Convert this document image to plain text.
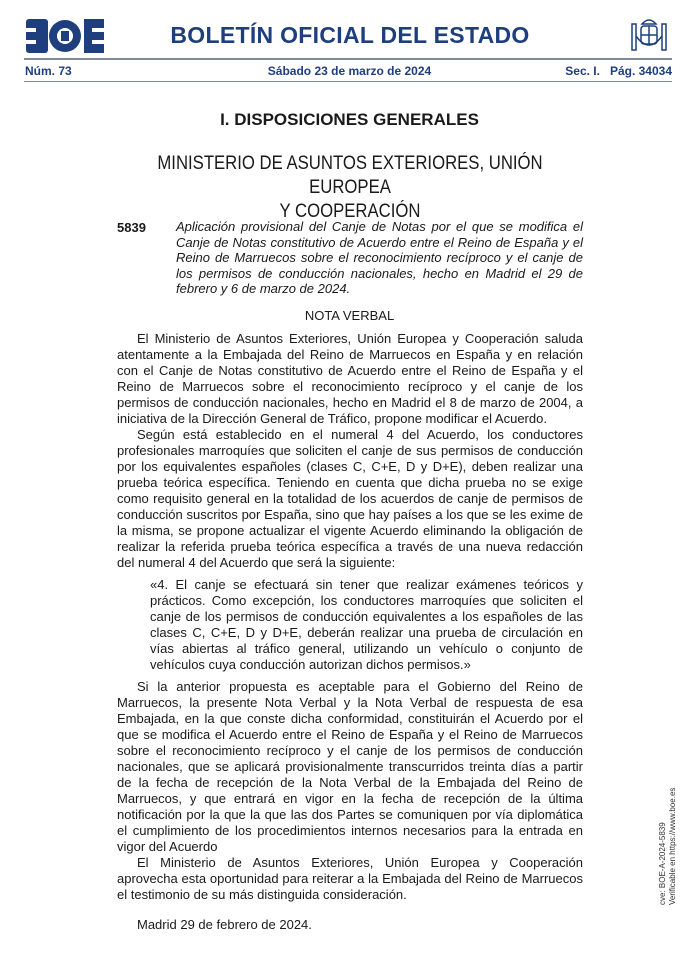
BOLETÍN OFICIAL DEL ESTADO
Núm. 73	Sábado 23 de marzo de 2024	Sec. I.   Pág. 34034
I. DISPOSICIONES GENERALES
MINISTERIO DE ASUNTOS EXTERIORES, UNIÓN EUROPEA
Y COOPERACIÓN
5839 Aplicación provisional del Canje de Notas por el que se modifica el Canje de Notas constitutivo de Acuerdo entre el Reino de España y el Reino de Marruecos sobre el reconocimiento recíproco y el canje de los permisos de conducción nacionales, hecho en Madrid el 29 de febrero y 6 de marzo de 2024.
NOTA VERBAL

El Ministerio de Asuntos Exteriores, Unión Europea y Cooperación saluda atentamente a la Embajada del Reino de Marruecos en España y en relación con el Canje de Notas constitutivo de Acuerdo entre el Reino de España y el Reino de Marruecos sobre el reconocimiento recíproco y el canje de los permisos de conducción nacionales, hecho en Madrid el 8 de marzo de 2004, a iniciativa de la Dirección General de Tráfico, propone modificar el Acuerdo.

Según está establecido en el numeral 4 del Acuerdo, los conductores profesionales marroquíes que soliciten el canje de sus permisos de conducción por los equivalentes españoles (clases C, C+E, D y D+E), deben realizar una prueba teórica específica. Teniendo en cuenta que dicha prueba no se exige como requisito general en la totalidad de los acuerdos de canje de permisos de conducción suscritos por España, sino que hay países a los que se les exime de la misma, se propone actualizar el vigente Acuerdo eliminando la obligación de realizar la referida prueba teórica específica a través de una nueva redacción del numeral 4 del Acuerdo que será la siguiente:

«4. El canje se efectuará sin tener que realizar exámenes teóricos y prácticos. Como excepción, los conductores marroquíes que soliciten el canje de los permisos de conducción equivalentes a los españoles de las clases C, C+E, D y D+E, deberán realizar una prueba de circulación en vías abiertas al tráfico general, utilizando un vehículo o conjunto de vehículos cuya conducción autorizan dichos permisos.»

Si la anterior propuesta es aceptable para el Gobierno del Reino de Marruecos, la presente Nota Verbal y la Nota Verbal de respuesta de esa Embajada, en la que conste dicha conformidad, constituirán el Acuerdo por el que se modifica el Acuerdo entre el Reino de España y el Reino de Marruecos sobre el reconocimiento recíproco y el canje de los permisos de conducción nacionales, que se aplicará provisionalmente transcurridos treinta días a partir de la fecha de recepción de la Nota Verbal de la Embajada del Reino de Marruecos, y que entrará en vigor en la fecha de recepción de la última notificación por la que la que las dos Partes se comuniquen por vía diplomática el cumplimiento de los procedimientos internos necesarios para la entrada en vigor del Acuerdo

El Ministerio de Asuntos Exteriores, Unión Europea y Cooperación aprovecha esta oportunidad para reiterar a la Embajada del Reino de Marruecos el testimonio de su más distinguida consideración.

Madrid 29 de febrero de 2024.

cve: BOE-A-2024-5839 Verificable en https://www.boe.es
